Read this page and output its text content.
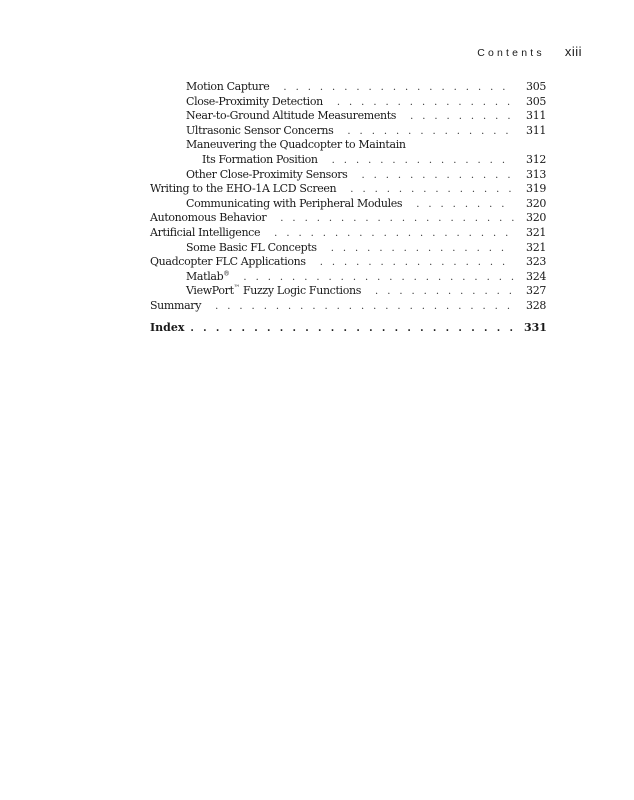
Contents xiii
Motion Capture . . .	305
Close-Proximity Detection . . .	305
Near-to-Ground Altitude Measurements . . .	311
Ultrasonic Sensor Concerns . . .	311
Maneuvering the Quadcopter to Maintain
Its Formation Position . . .	312
Other Close-Proximity Sensors . . .	313
Writing to the EHO-1A LCD Screen . . .	319
Communicating with Peripheral Modules . . .	320
Autonomous Behavior . . .	320
Artificial Intelligence . . .	321
Some Basic FL Concepts . . .	321
Quadcopter FLC Applications . . .	323
Matlab® . . .	324
ViewPort™ Fuzzy Logic Functions . . .	327
Summary . . .	328
Index . . .	331
